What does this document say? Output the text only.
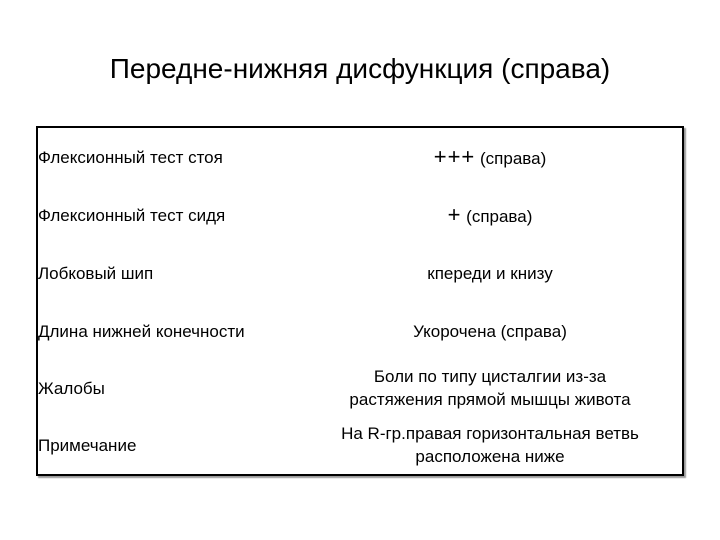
Передне-нижняя дисфункция (справа)
Флексионный тест стоя	+++ (справа)
Флексионный тест сидя	+ (справа)
Лобковый шип	кпереди и книзу
Длина нижней конечности	Укорочена (справа)
Жалобы	Боли по типу цисталгии из-за
растяжения прямой мышцы живота

Примечание	На R-гр.правая горизонтальная ветвь
расположена ниже
